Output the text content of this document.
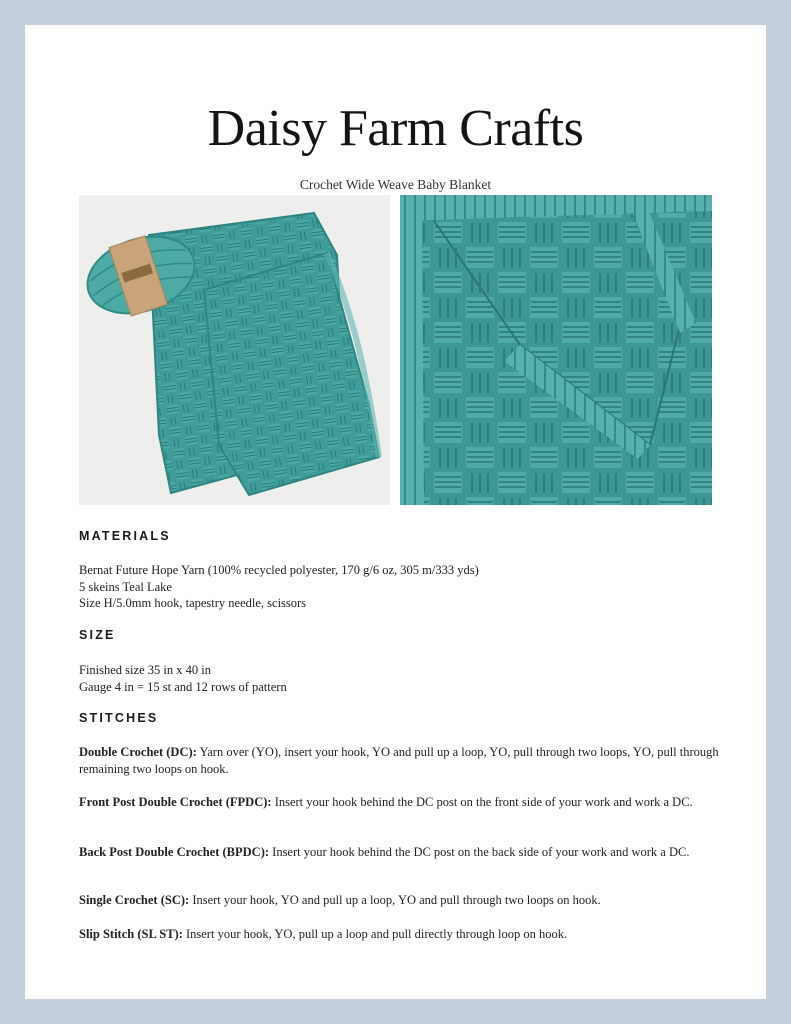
Daisy Farm Crafts
Crochet Wide Weave Baby Blanket
MATERIALS
Bernat Future Hope Yarn (100% recycled polyester, 170 g/6 oz, 305 m/333 yds)
5 skeins Teal Lake
Size H/5.0mm hook, tapestry needle, scissors
SIZE
Finished size 35 in x 40 in
Gauge 4 in = 15 st and 12 rows of pattern
STITCHES
Double Crochet (DC): Yarn over (YO), insert your hook, YO and pull up a loop, YO, pull through two loops, YO, pull through remaining two loops on hook.
Front Post Double Crochet (FPDC): Insert your hook behind the DC post on the front side of your work and work a DC.
Back Post Double Crochet (BPDC): Insert your hook behind the DC post on the back side of your work and work a DC.
Single Crochet (SC): Insert your hook, YO and pull up a loop, YO and pull through two loops on hook.
Slip Stitch (SL ST): Insert your hook, YO, pull up a loop and pull directly through loop on hook.
